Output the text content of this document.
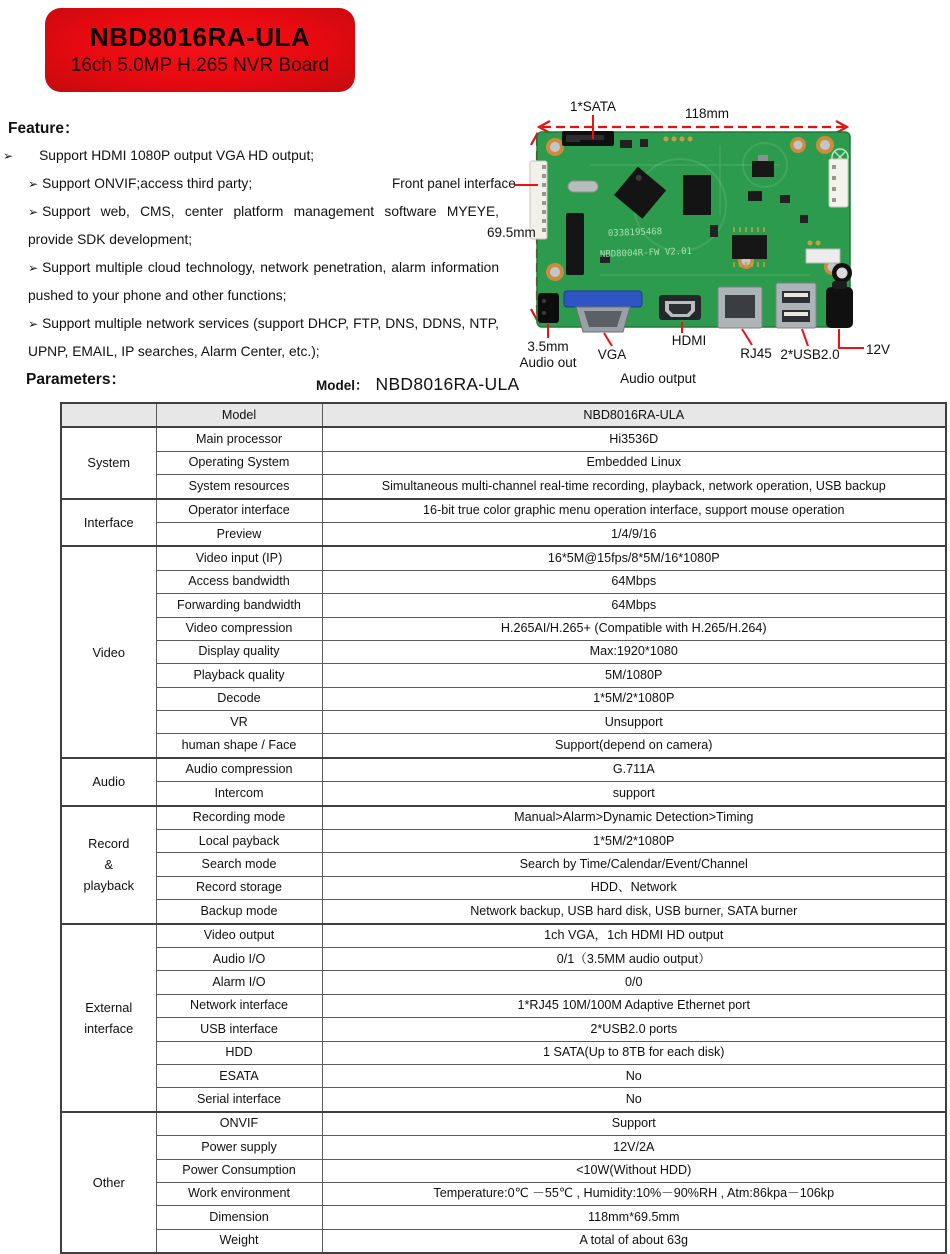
NBD8016RA-ULA
16ch 5.0MP H.265 NVR Board
Feature：
➢ Support HDMI 1080P output VGA HD output;
➢ Support ONVIF;access third party;
➢ Support web, CMS, center platform management software MYEYE, provide SDK development;
➢ Support multiple cloud technology, network penetration, alarm information pushed to your phone and other functions;
➢ Support multiple network services (support DHCP, FTP, DNS, DDNS, NTP, UPNP, EMAIL, IP searches, Alarm Center, etc.);
0338195468
NBD8004R-FW V2.01
1*SATA	118mm
Front panel interface
69.5mm
3.5mm
Audio out
VGA
HDMI
RJ45 2*USB2.0	12V
Audio output
Parameters：	Model： NBD8016RA-ULA
	Model	NBD8016RA-ULA

System	Main processor	Hi3536D
	Operating System	Embedded Linux
	System resources	Simultaneous multi-channel real-time recording, playback, network operation, USB backup

Interface	Operator interface	16-bit true color graphic menu operation interface, support mouse operation
	Preview	1/4/9/16

Video	Video input (IP)	16*5M@15fps/8*5M/16*1080P
	Access bandwidth	64Mbps
	Forwarding bandwidth	64Mbps
	Video compression	H.265AI/H.265+ (Compatible with H.265/H.264)
	Display quality	Max:1920*1080
	Playback quality	5M/1080P
	Decode	1*5M/2*1080P
	VR	Unsupport
	human shape / Face	Support(depend on camera)

Audio	Audio compression	G.711A
	Intercom	support

Record
&
playback	Recording mode	Manual>Alarm>Dynamic Detection>Timing
	Local payback	1*5M/2*1080P
	Search mode	Search by Time/Calendar/Event/Channel
	Record storage	HDD、Network
	Backup mode	Network backup, USB hard disk, USB burner, SATA burner

External
interface	Video output	1ch VGA，1ch HDMI HD output
	Audio I/O	0/1（3.5MM audio output）
	Alarm I/O	0/0
	Network interface	1*RJ45 10M/100M Adaptive Ethernet port
	USB interface	2*USB2.0 ports
	HDD	1 SATA(Up to 8TB for each disk)
	ESATA	No
	Serial interface	No

Other	ONVIF	Support
	Power supply	12V/2A
	Power Consumption	<10W(Without HDD)
	Work environment	Temperature:0℃ －55℃ , Humidity:10%－90%RH , Atm:86kpa－106kp
	Dimension	118mm*69.5mm
	Weight	A total of about 63g
